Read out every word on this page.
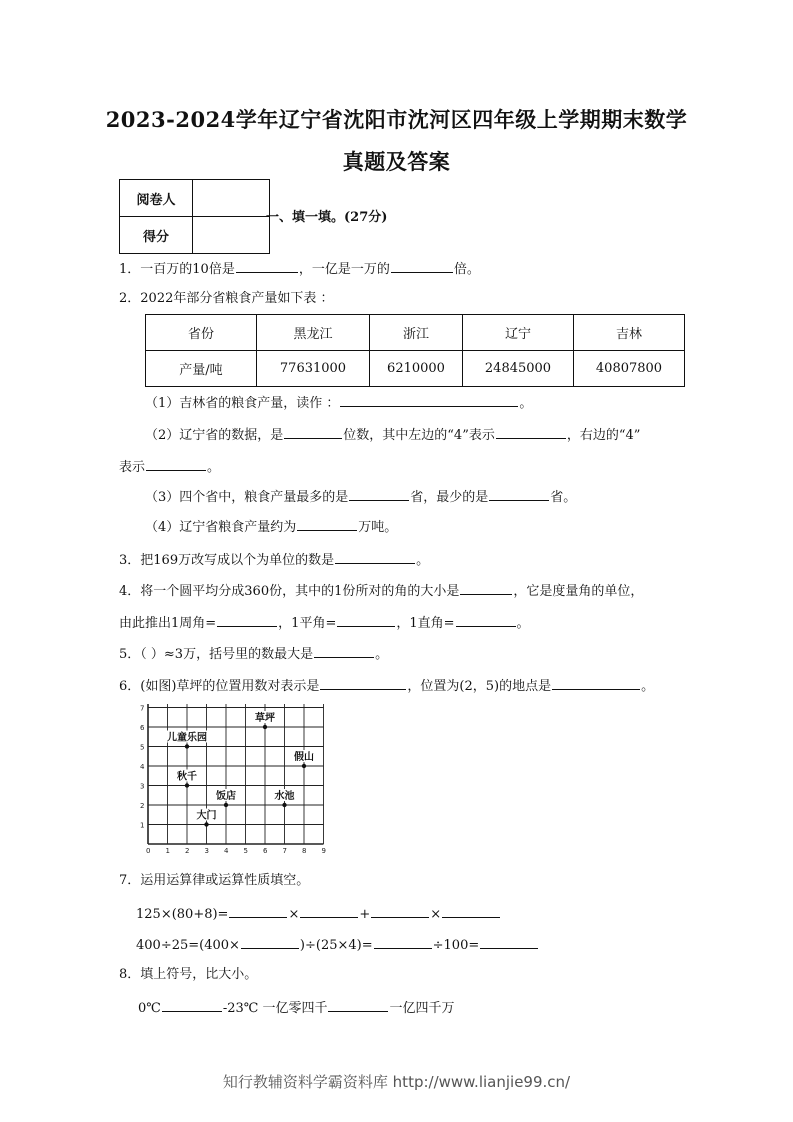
2023-2024学年辽宁省沈阳市沈河区四年级上学期期末数学
真题及答案
阅卷人	
得分	
一、填一填。(27分)
1．一百万的10倍是	，一亿是一万的	倍。
2．2022年部分省粮食产量如下表 ：
省份	黑龙江	浙江	辽宁	吉林
产量/吨	77631000	6210000	24845000	40807800
（1）吉林省的粮食产量，读作 ：	。
（2）辽宁省的数据，是	位数，其中左边的“4”表示	，右边的“4”
表示	。
（3）四个省中，粮食产量最多的是	省，最少的是	省。
（4）辽宁省粮食产量约为	万吨。
3．把169万改写成以个为单位的数是	。
4．将一个圆平均分成360份，其中的1份所对的角的大小是	，它是度量角的单位，
由此推出1周角=	，1平角=	，1直角=	。
5．（ ）≈3万，括号里的数最大是	。
6．(如图)草坪的位置用数对表示是	，位置为(2，5)的地点是	。
0 1 2 3 4 5 6 7 8 9
1
2
3
4
5
6
7
草坪
儿童乐园
假山
秋千
水池
饭店
大门
7．运用运算律或运算性质填空。
125×(80+8)=	×	+	×
400÷25=(400×	)÷(25×4)=	÷100=
8．填上符号，比大小。
0℃	-23℃ 一亿零四千	一亿四千万
知行教辅资料学霸资料库 http://www.lianjie99.cn/
